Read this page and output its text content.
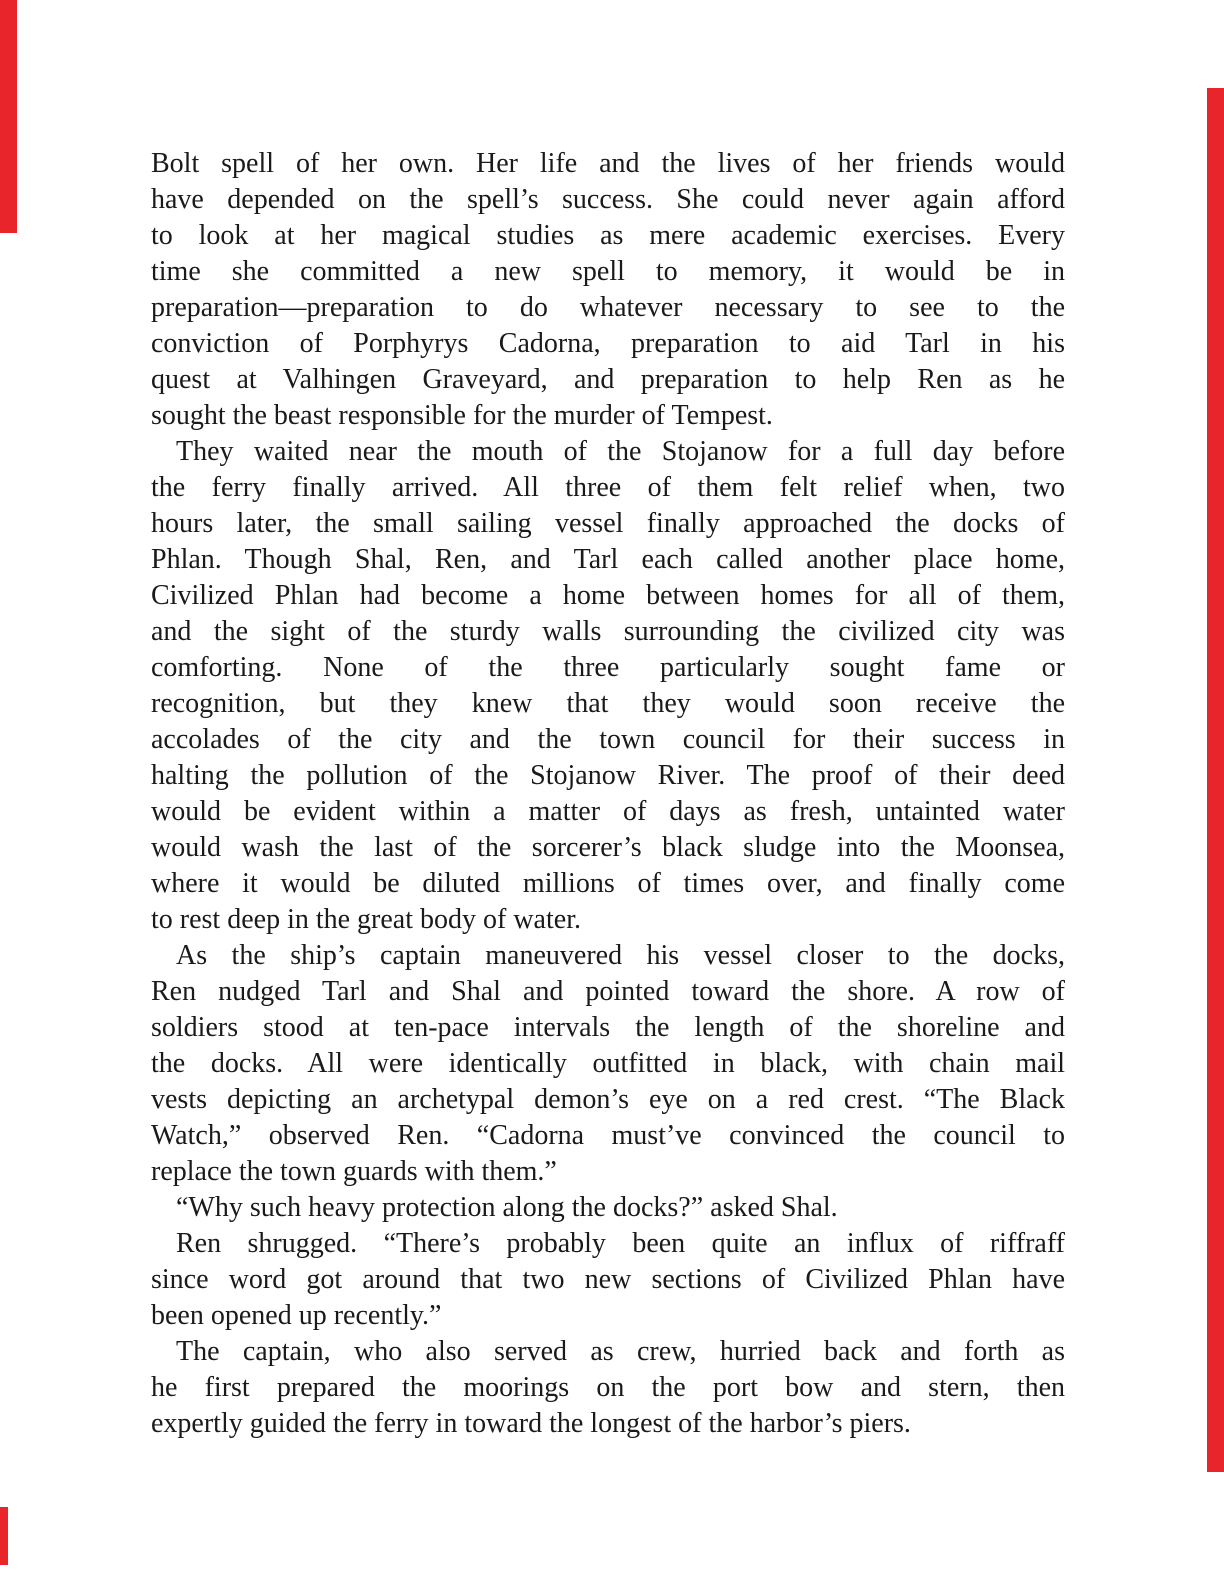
Bolt spell of her own. Her life and the lives of her friends would
have depended on the spell’s success. She could never again afford
to look at her magical studies as mere academic exercises. Every
time she committed a new spell to memory, it would be in
preparation—preparation to do whatever necessary to see to the
conviction of Porphyrys Cadorna, preparation to aid Tarl in his
quest at Valhingen Graveyard, and preparation to help Ren as he
sought the beast responsible for the murder of Tempest.
They waited near the mouth of the Stojanow for a full day before
the ferry finally arrived. All three of them felt relief when, two
hours later, the small sailing vessel finally approached the docks of
Phlan. Though Shal, Ren, and Tarl each called another place home,
Civilized Phlan had become a home between homes for all of them,
and the sight of the sturdy walls surrounding the civilized city was
comforting. None of the three particularly sought fame or
recognition, but they knew that they would soon receive the
accolades of the city and the town council for their success in
halting the pollution of the Stojanow River. The proof of their deed
would be evident within a matter of days as fresh, untainted water
would wash the last of the sorcerer’s black sludge into the Moonsea,
where it would be diluted millions of times over, and finally come
to rest deep in the great body of water.
As the ship’s captain maneuvered his vessel closer to the docks,
Ren nudged Tarl and Shal and pointed toward the shore. A row of
soldiers stood at ten-pace intervals the length of the shoreline and
the docks. All were identically outfitted in black, with chain mail
vests depicting an archetypal demon’s eye on a red crest. “The Black
Watch,” observed Ren. “Cadorna must’ve convinced the council to
replace the town guards with them.”
“Why such heavy protection along the docks?” asked Shal.
Ren shrugged. “There’s probably been quite an influx of riffraff
since word got around that two new sections of Civilized Phlan have
been opened up recently.”
The captain, who also served as crew, hurried back and forth as
he first prepared the moorings on the port bow and stern, then
expertly guided the ferry in toward the longest of the harbor’s piers.
